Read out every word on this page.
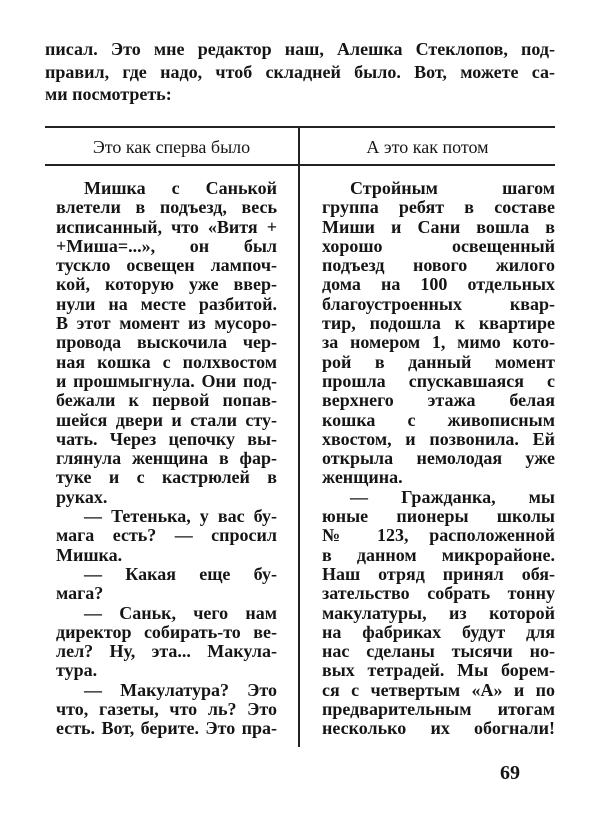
писал. Это мне редактор наш, Алешка Стеклопов, под-
правил, где надо, чтоб складней было. Вот, можете са-
ми посмотреть:
Это как сперва было	А это как потом
Мишка с Санькой
влетели в подъезд, весь
исписанный, что «Витя +
+Миша=...», он был
тускло освещен лампоч-
кой, которую уже ввер-
нули на месте разбитой.
В этот момент из мусоро-
провода выскочила чер-
ная кошка с полхвостом
и прошмыгнула. Они под-
бежали к первой попав-
шейся двери и стали сту-
чать. Через цепочку вы-
глянула женщина в фар-
туке и с кастрюлей в
руках.
— Тетенька, у вас бу-
мага есть? — спросил
Мишка.
— Какая еще бу-
мага?
— Саньк, чего нам
директор собирать-то ве-
лел? Ну, эта... Макула-
тура.
— Макулатура? Это
что, газеты, что ль? Это
есть. Вот, берите. Это пра-
Стройным шагом
группа ребят в составе
Миши и Сани вошла в
хорошо освещенный
подъезд нового жилого
дома на 100 отдельных
благоустроенных квар-
тир, подошла к квартире
за номером 1, мимо кото-
рой в данный момент
прошла спускавшаяся с
верхнего этажа белая
кошка с живописным
хвостом, и позвонила. Ей
открыла немолодая уже
женщина.
— Гражданка, мы
юные пионеры школы
№ 123, расположенной
в данном микрорайоне.
Наш отряд принял обя-
зательство собрать тонну
макулатуры, из которой
на фабриках будут для
нас сделаны тысячи но-
вых тетрадей. Мы борем-
ся с четвертым «А» и по
предварительным итогам
несколько их обогнали!
69
